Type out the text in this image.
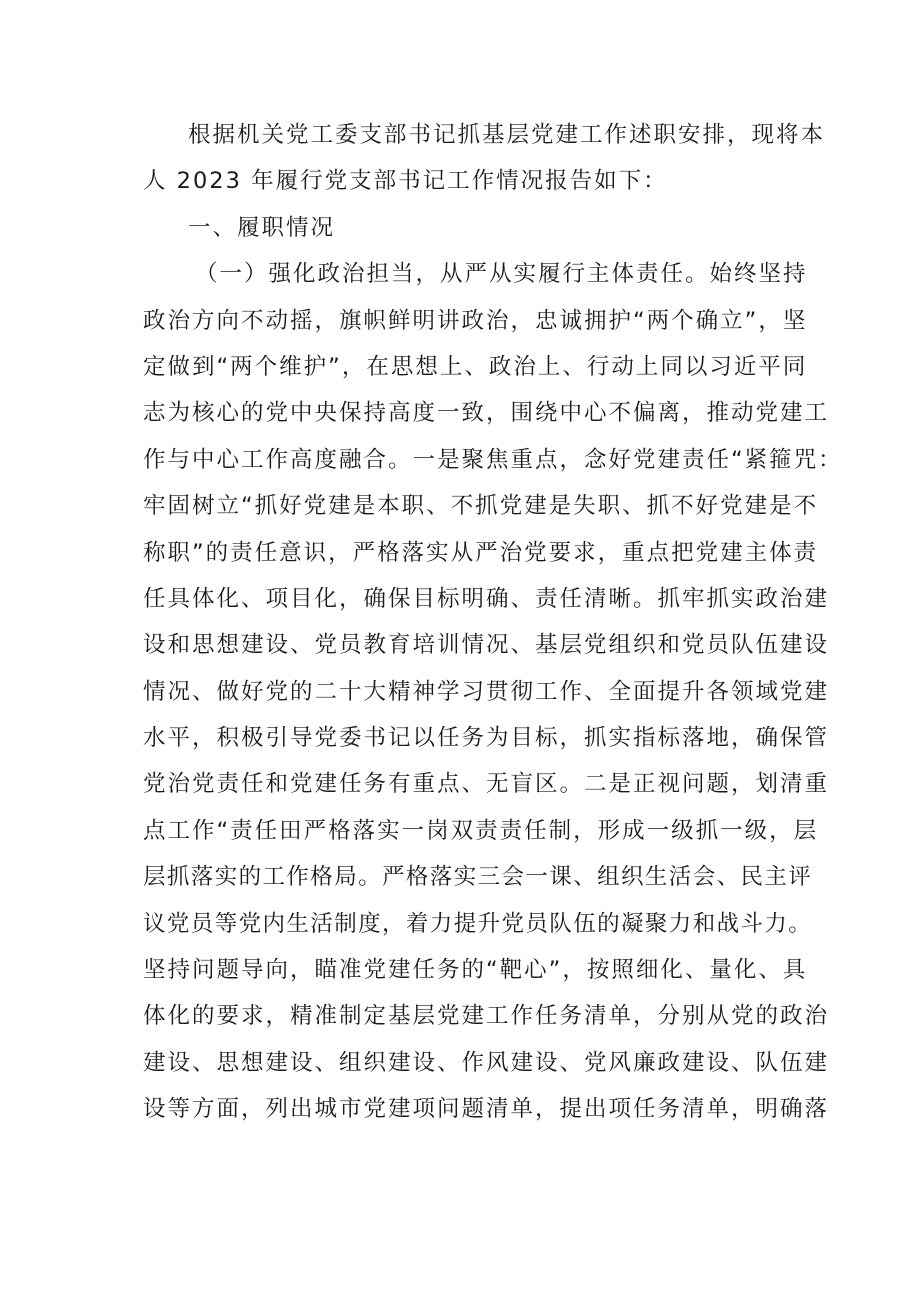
根据机关党工委支部书记抓基层党建工作述职安排，现将本
人 2023 年履行党支部书记工作情况报告如下：
一、履职情况
（一）强化政治担当，从严从实履行主体责任。始终坚持
政治方向不动摇，旗帜鲜明讲政治，忠诚拥护“两个确立”，坚
定做到“两个维护”，在思想上、政治上、行动上同以习近平同
志为核心的党中央保持高度一致，围绕中心不偏离，推动党建工
作与中心工作高度融合。一是聚焦重点，念好党建责任“紧箍咒：
牢固树立“抓好党建是本职、不抓党建是失职、抓不好党建是不
称职”的责任意识，严格落实从严治党要求，重点把党建主体责
任具体化、项目化，确保目标明确、责任清晰。抓牢抓实政治建
设和思想建设、党员教育培训情况、基层党组织和党员队伍建设
情况、做好党的二十大精神学习贯彻工作、全面提升各领域党建
水平，积极引导党委书记以任务为目标，抓实指标落地，确保管
党治党责任和党建任务有重点、无盲区。二是正视问题，划清重
点工作“责任田严格落实一岗双责责任制，形成一级抓一级，层
层抓落实的工作格局。严格落实三会一课、组织生活会、民主评
议党员等党内生活制度，着力提升党员队伍的凝聚力和战斗力。
坚持问题导向，瞄准党建任务的“靶心”，按照细化、量化、具
体化的要求，精准制定基层党建工作任务清单，分别从党的政治
建设、思想建设、组织建设、作风建设、党风廉政建设、队伍建
设等方面，列出城市党建项问题清单，提出项任务清单，明确落
